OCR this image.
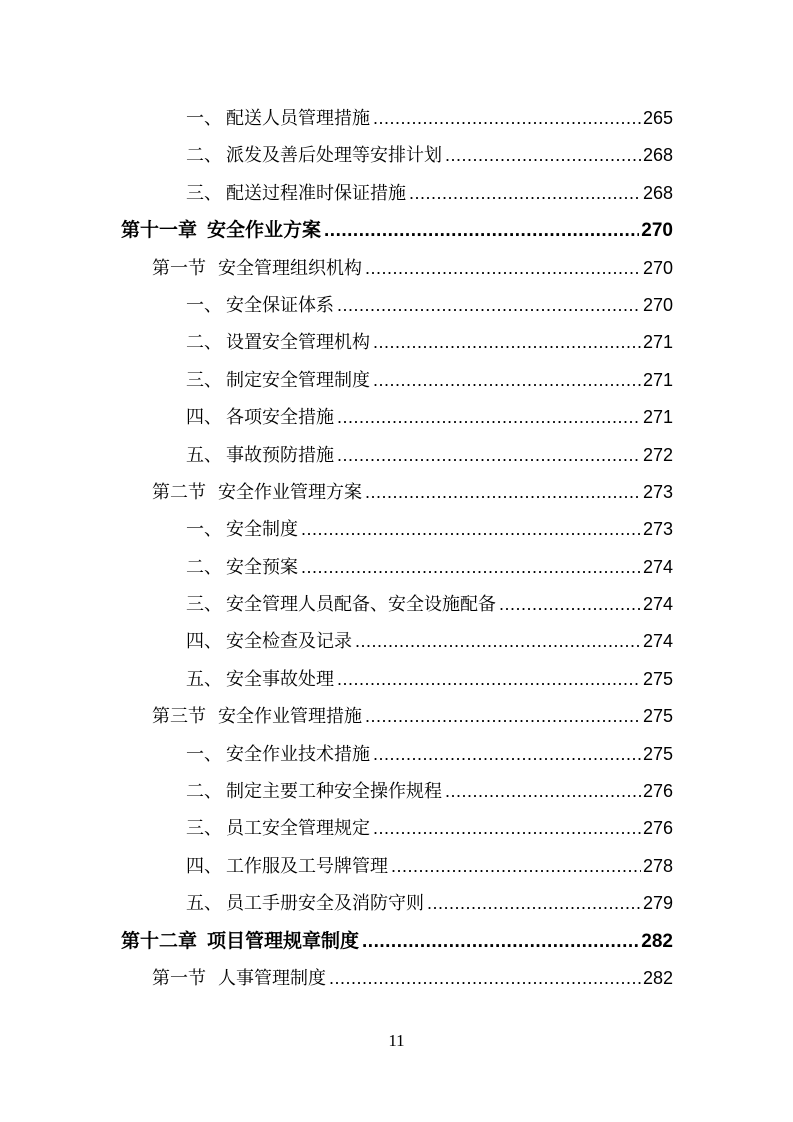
一、 配送人员管理措施 .....	265
二、 派发及善后处理等安排计划 .....	268
三、 配送过程准时保证措施 .....	268
第十一章 安全作业方案 .....	270
第一节 安全管理组织机构 .....	270
一、 安全保证体系 .....	270
二、 设置安全管理机构 .....	271
三、 制定安全管理制度 .....	271
四、 各项安全措施 .....	271
五、 事故预防措施 .....	272
第二节 安全作业管理方案 .....	273
一、 安全制度 .....	273
二、 安全预案 .....	274
三、 安全管理人员配备、安全设施配备 .....	274
四、 安全检查及记录 .....	274
五、 安全事故处理 .....	275
第三节 安全作业管理措施 .....	275
一、 安全作业技术措施 .....	275
二、 制定主要工种安全操作规程 .....	276
三、 员工安全管理规定 .....	276
四、 工作服及工号牌管理 .....	278
五、 员工手册安全及消防守则 .....	279
第十二章 项目管理规章制度 .....	282
第一节 人事管理制度 .....	282
11
